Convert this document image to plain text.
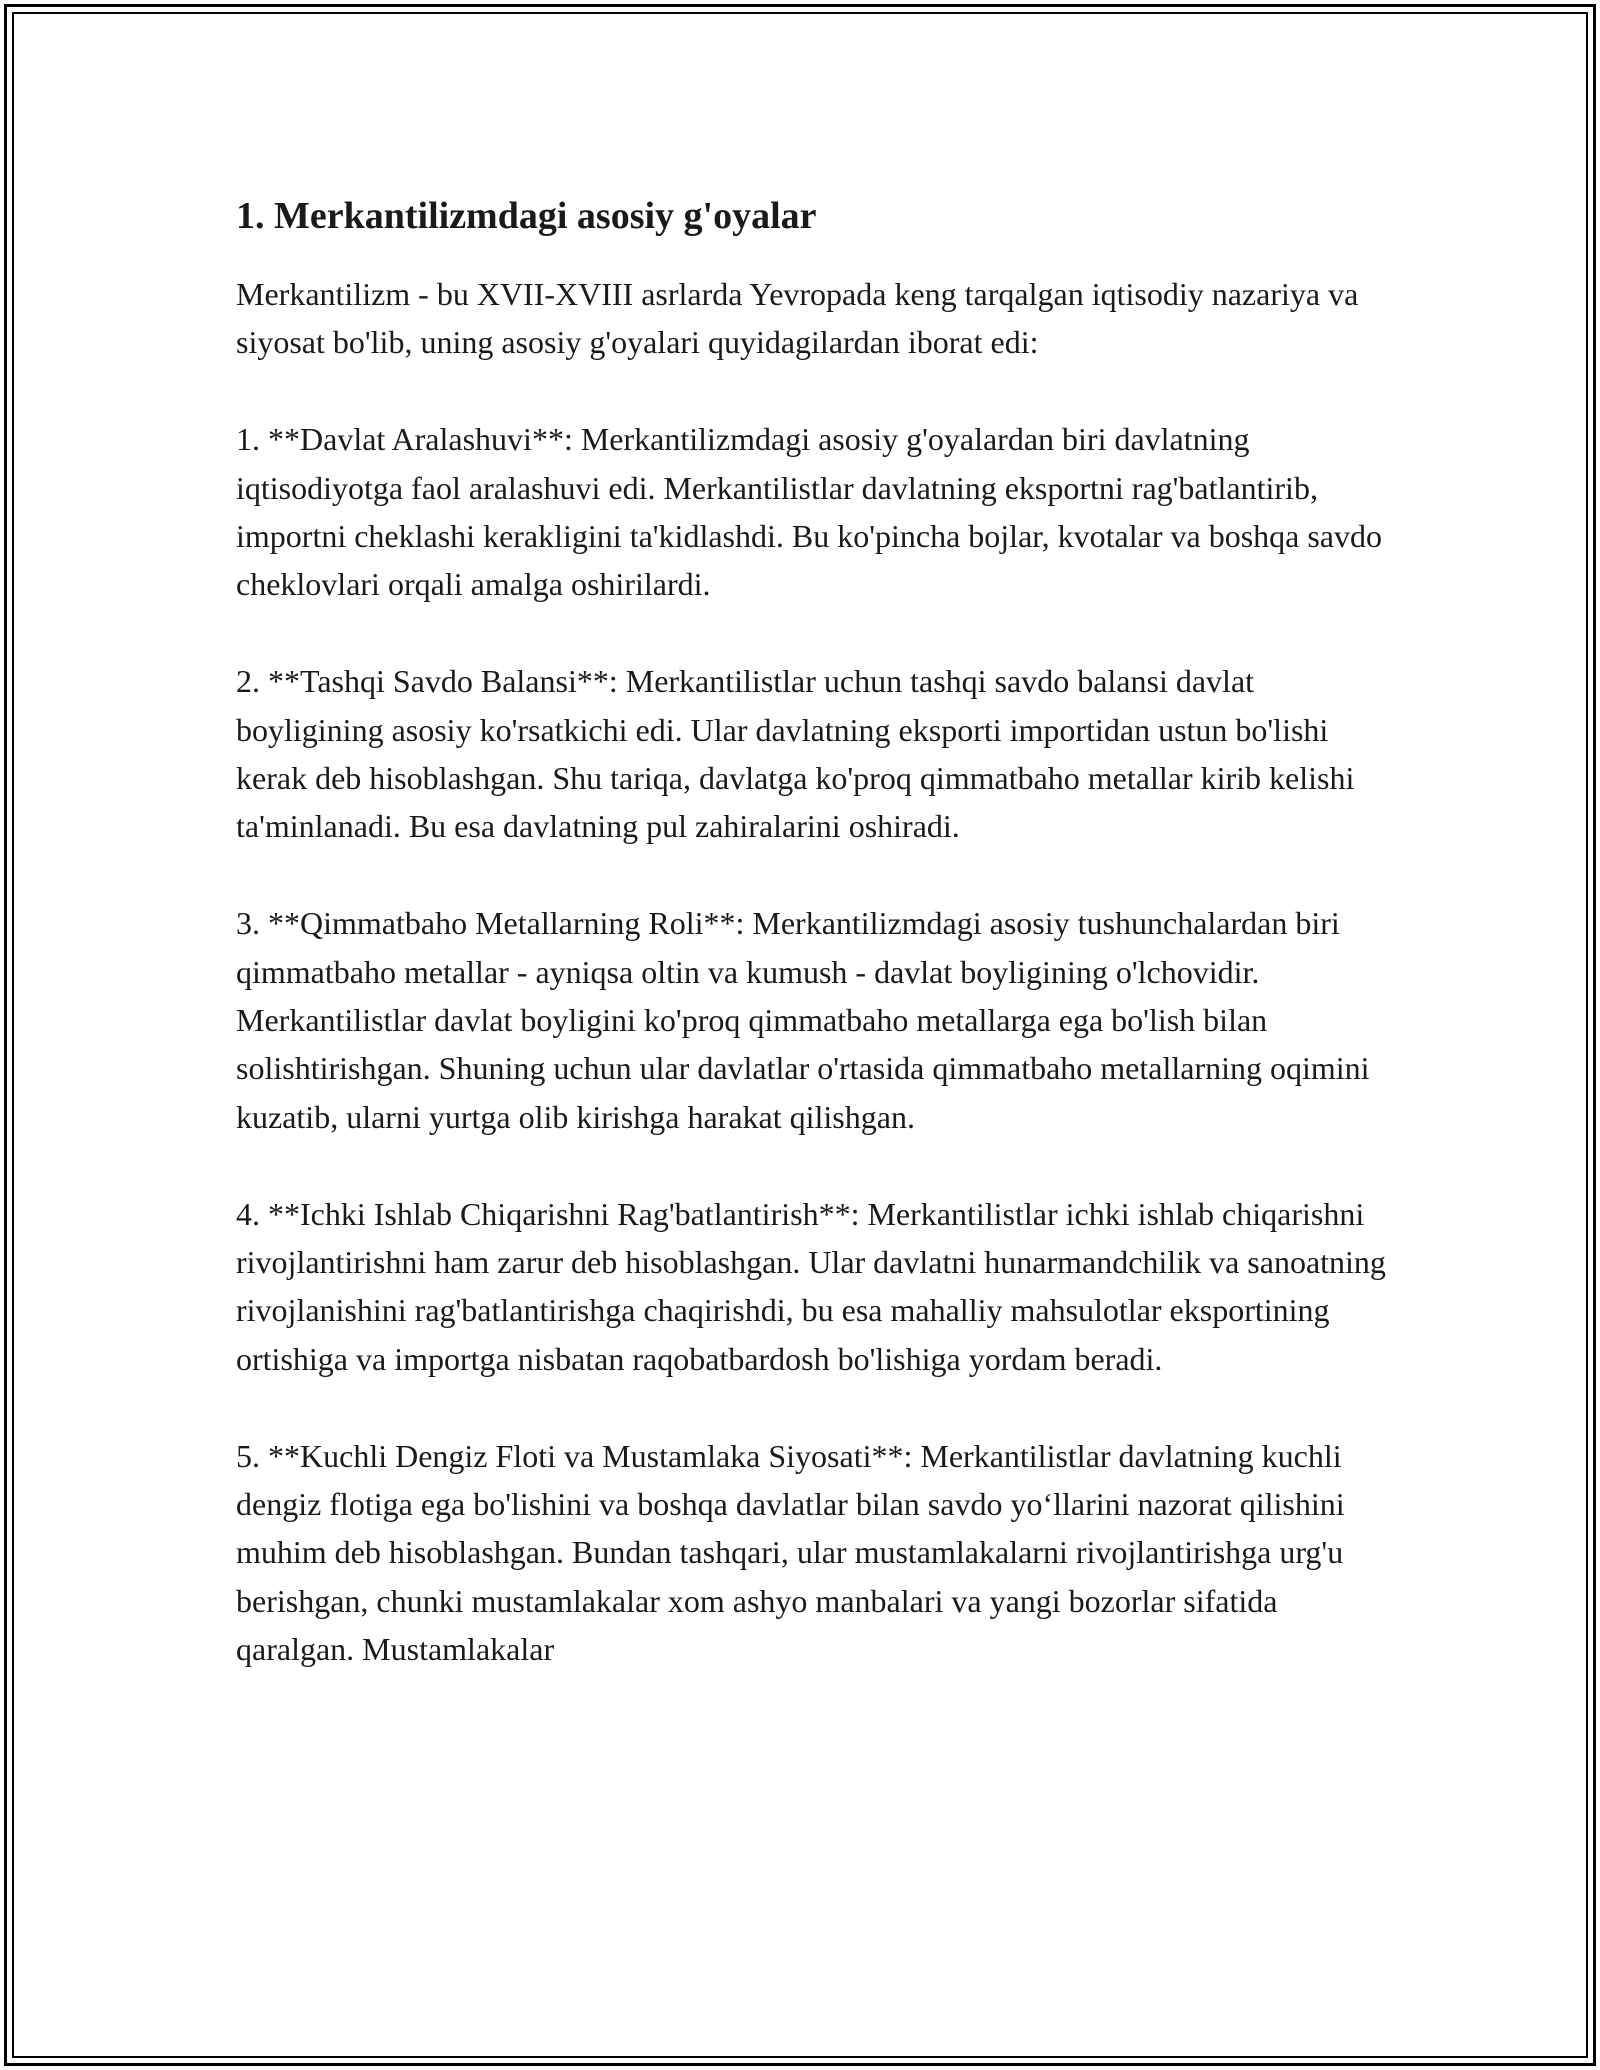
1. Merkantilizmdagi asosiy g'oyalar

Merkantilizm - bu XVII-XVIII asrlarda Yevropada keng tarqalgan iqtisodiy nazariya va siyosat bo'lib, uning asosiy g'oyalari quyidagilardan iborat edi:

1. **Davlat Aralashuvi**: Merkantilizmdagi asosiy g'oyalardan biri davlatning iqtisodiyotga faol aralashuvi edi. Merkantilistlar davlatning eksportni rag'batlantirib, importni cheklashi kerakligini ta'kidlashdi. Bu ko'pincha bojlar, kvotalar va boshqa savdo cheklovlari orqali amalga oshirilardi.

2. **Tashqi Savdo Balansi**: Merkantilistlar uchun tashqi savdo balansi davlat boyligining asosiy ko'rsatkichi edi. Ular davlatning eksporti importidan ustun bo'lishi kerak deb hisoblashgan. Shu tariqa, davlatga ko'proq qimmatbaho metallar kirib kelishi ta'minlanadi. Bu esa davlatning pul zahiralarini oshiradi.

3. **Qimmatbaho Metallarning Roli**: Merkantilizmdagi asosiy tushunchalardan biri qimmatbaho metallar - ayniqsa oltin va kumush - davlat boyligining o'lchovidir. Merkantilistlar davlat boyligini ko'proq qimmatbaho metallarga ega bo'lish bilan solishtirishgan. Shuning uchun ular davlatlar o'rtasida qimmatbaho metallarning oqimini kuzatib, ularni yurtga olib kirishga harakat qilishgan.

4. **Ichki Ishlab Chiqarishni Rag'batlantirish**: Merkantilistlar ichki ishlab chiqarishni rivojlantirishni ham zarur deb hisoblashgan. Ular davlatni hunarmandchilik va sanoatning rivojlanishini rag'batlantirishga chaqirishdi, bu esa mahalliy mahsulotlar eksportining ortishiga va importga nisbatan raqobatbardosh bo'lishiga yordam beradi.

5. **Kuchli Dengiz Floti va Mustamlaka Siyosati**: Merkantilistlar davlatning kuchli dengiz flotiga ega bo'lishini va boshqa davlatlar bilan savdo yo‘llarini nazorat qilishini muhim deb hisoblashgan. Bundan tashqari, ular mustamlakalarni rivojlantirishga urg'u berishgan, chunki mustamlakalar xom ashyo manbalari va yangi bozorlar sifatida qaralgan. Mustamlakalar
